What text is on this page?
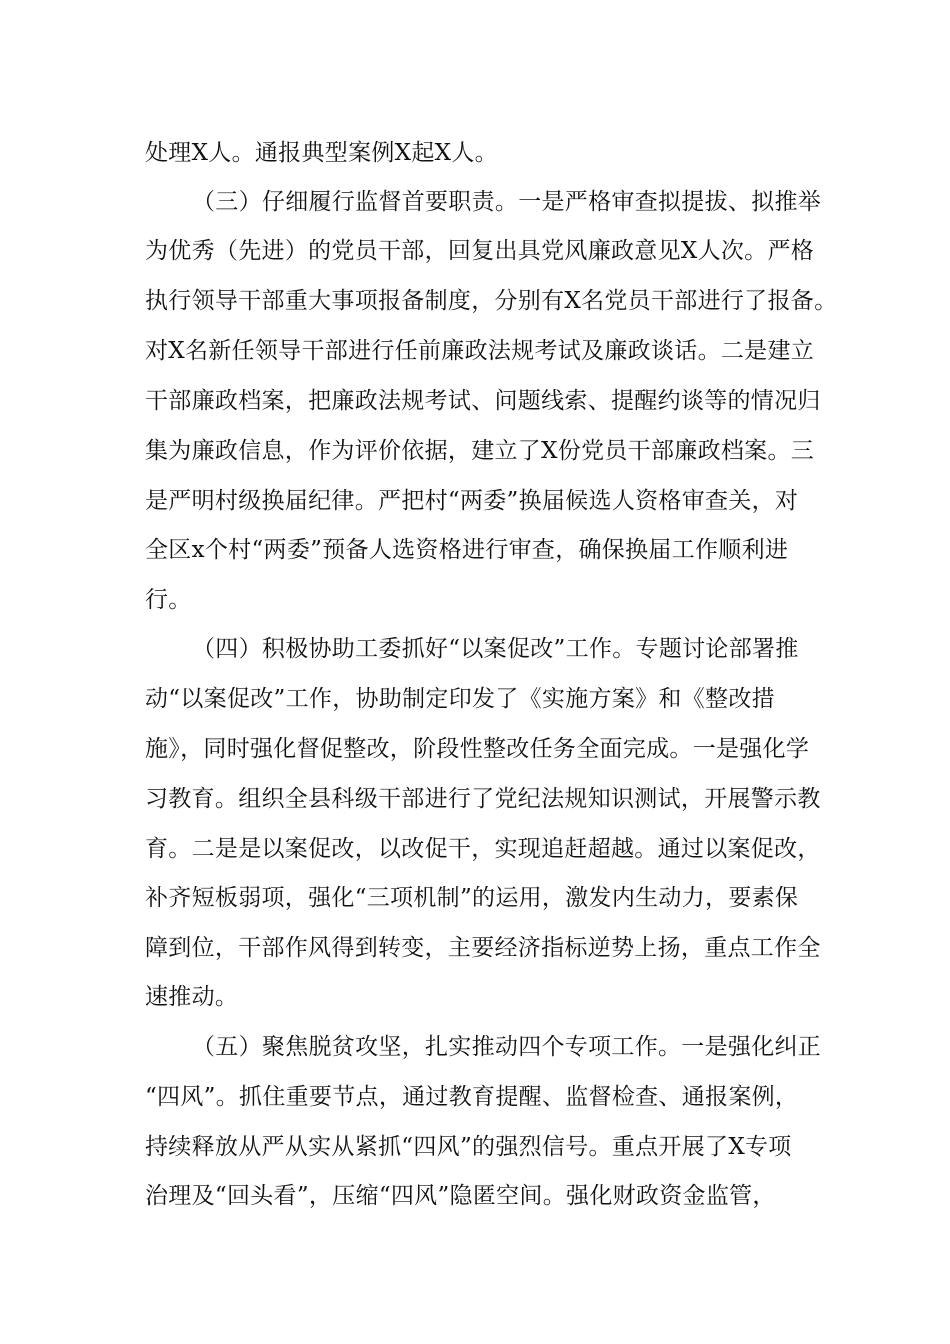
处理X人。通报典型案例X起X人。
（三）仔细履行监督首要职责。一是严格审查拟提拔、拟推举
为优秀（先进）的党员干部，回复出具党风廉政意见X人次。严格
执行领导干部重大事项报备制度，分别有X名党员干部进行了报备。
对X名新任领导干部进行任前廉政法规考试及廉政谈话。二是建立
干部廉政档案，把廉政法规考试、问题线索、提醒约谈等的情况归
集为廉政信息，作为评价依据，建立了X份党员干部廉政档案。三
是严明村级换届纪律。严把村“两委”换届候选人资格审查关，对
全区x个村“两委”预备人选资格进行审查，确保换届工作顺利进
行。
（四）积极协助工委抓好“以案促改”工作。专题讨论部署推
动“以案促改”工作，协助制定印发了《实施方案》和《整改措
施》，同时强化督促整改，阶段性整改任务全面完成。一是强化学
习教育。组织全县科级干部进行了党纪法规知识测试，开展警示教
育。二是是以案促改，以改促干，实现追赶超越。通过以案促改，
补齐短板弱项，强化“三项机制”的运用，激发内生动力，要素保
障到位，干部作风得到转变，主要经济指标逆势上扬，重点工作全
速推动。
（五）聚焦脱贫攻坚，扎实推动四个专项工作。一是强化纠正
“四风”。抓住重要节点，通过教育提醒、监督检查、通报案例，
持续释放从严从实从紧抓“四风”的强烈信号。重点开展了X专项
治理及“回头看”，压缩“四风”隐匿空间。强化财政资金监管，
